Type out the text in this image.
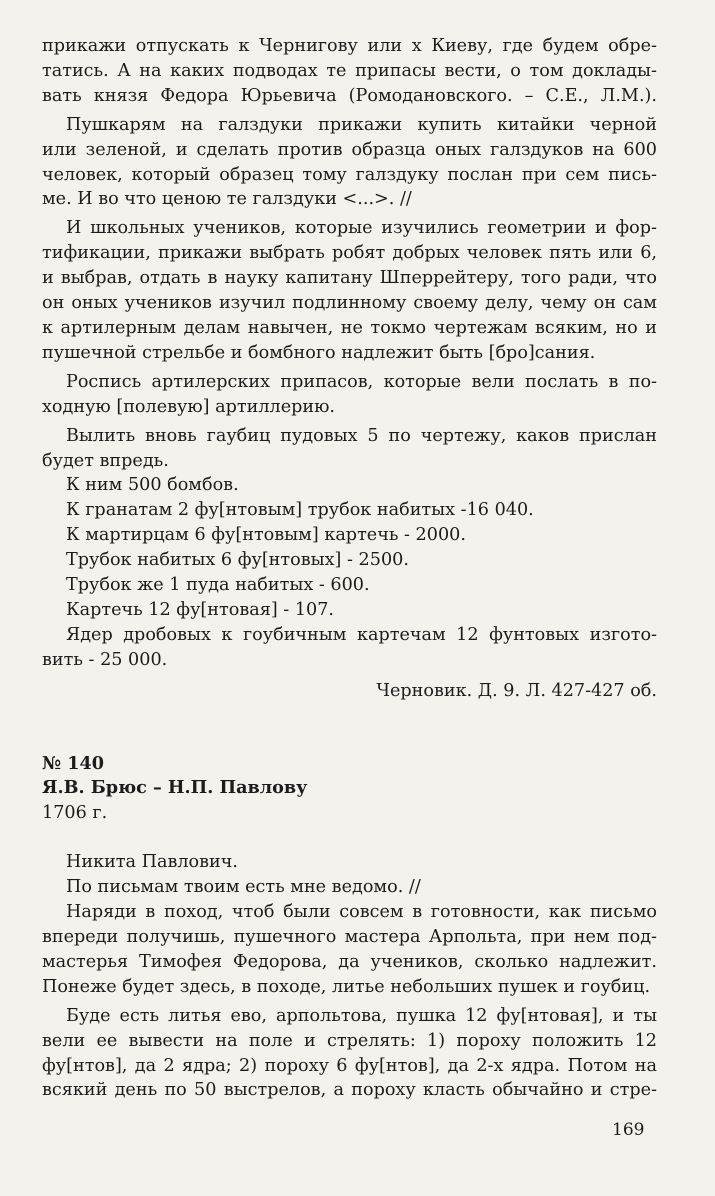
прикажи отпускать к Чернигову или х Киеву, где будем обре-

татись. А на каких подводах те припасы вести, о том доклады-

вать князя Федора Юрьевича (Ромодановского. – С.Е., Л.М.).

Пушкарям на галздуки прикажи купить китайки черной

или зеленой, и сделать против образца оных галздуков на 600

человек, который образец тому галздуку послан при сем пись-

ме. И во что ценою те галздуки <...>. //

И школьных учеников, которые изучились геометрии и фор-

тификации, прикажи выбрать робят добрых человек пять или 6,

и выбрав, отдать в науку капитану Шперрейтеру, того ради, что

он оных учеников изучил подлинному своему делу, чему он сам

к артилерным делам навычен, не токмо чертежам всяким, но и

пушечной стрельбе и бомбного надлежит быть [бро]сания.

Роспись артилерских припасов, которые вели послать в по-

ходную [полевую] артиллерию.

Вылить вновь гаубиц пудовых 5 по чертежу, каков прислан

будет впредь.

К ним 500 бомбов.

К гранатам 2 фу[нтовым] трубок набитых -16 040.

К мартирцам 6 фу[нтовым] картечь - 2000.

Трубок набитых 6 фу[нтовых] - 2500.

Трубок же 1 пуда набитых - 600.

Картечь 12 фу[нтовая] - 107.

Ядер дробовых к гоубичным картечам 12 фунтовых изгото-

вить - 25 000.

Черновик. Д. 9. Л. 427-427 об.

№ 140

Я.В. Брюс – Н.П. Павлову

1706 г.

Никита Павлович.

По письмам твоим есть мне ведомо. //

Наряди в поход, чтоб были совсем в готовности, как письмо

впереди получишь, пушечного мастера Арпольта, при нем под-

мастерья Тимофея Федорова, да учеников, сколько надлежит.

Понеже будет здесь, в походе, литье небольших пушек и гоубиц.

Буде есть литья ево, арпольтова, пушка 12 фу[нтовая], и ты

вели ее вывести на поле и стрелять: 1) пороху положить 12

фу[нтов], да 2 ядра; 2) пороху 6 фу[нтов], да 2-х ядра. Потом на

всякий день по 50 выстрелов, а пороху класть обычайно и стре-

169
